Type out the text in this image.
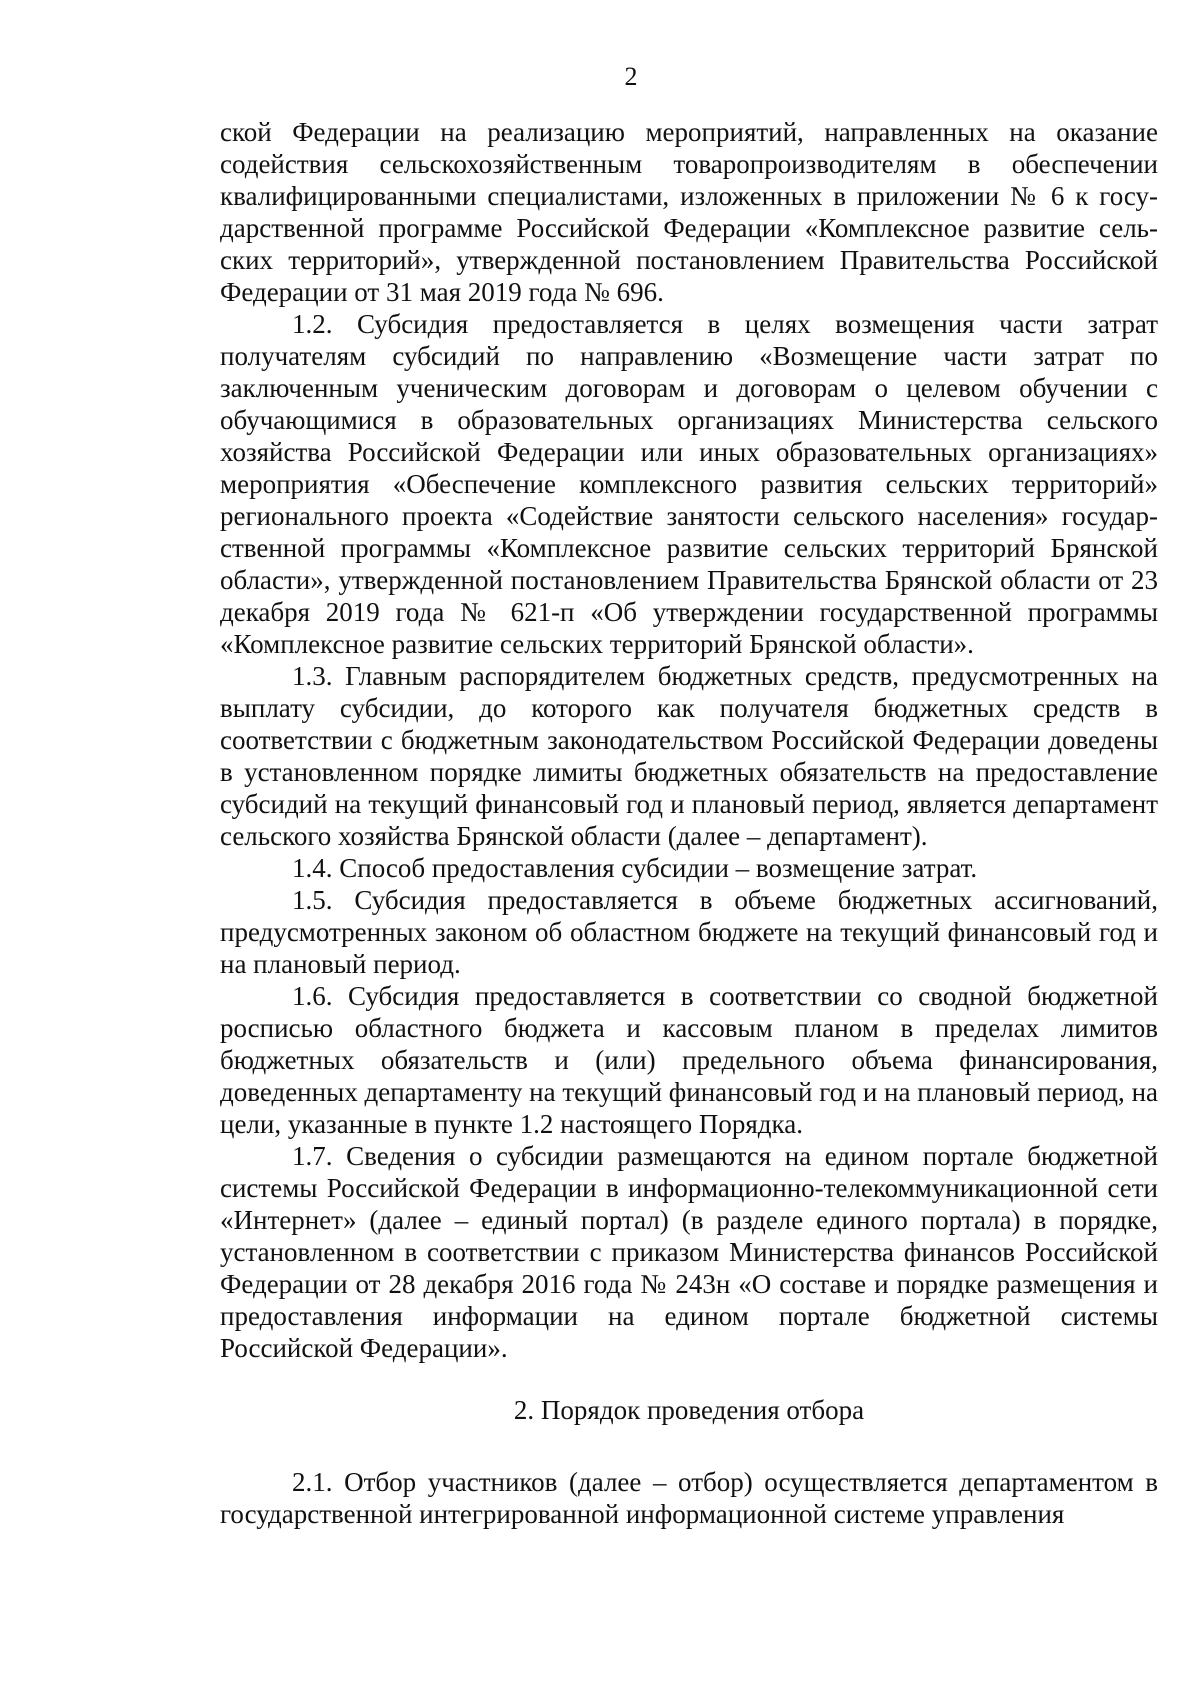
2

ской Федерации на реализацию мероприятий, направленных на оказание содействия сельскохозяйственным товаропроизводителям в обеспечении квалифицированными специалистами, изложенных в приложении № 6 к государственной программе Российской Федерации «Комплексное развитие сельских территорий», утвержденной постановлением Правительства Российской Федерации от 31 мая 2019 года № 696.

1.2. Субсидия предоставляется в целях возмещения части затрат получателям субсидий по направлению «Возмещение части затрат по заключенным ученическим договорам и договорам о целевом обучении с обучающимися в образовательных организациях Министерства сельского хозяйства Российской Федерации или иных образовательных организациях» мероприятия «Обеспечение комплексного развития сельских территорий» регионального проекта «Содействие занятости сельского населения» государственной программы «Комплексное развитие сельских территорий Брянской области», утвержденной постановлением Правительства Брянской области от 23 декабря 2019 года № 621-п «Об утверждении государственной программы «Комплексное развитие сельских территорий Брянской области».

1.3. Главным распорядителем бюджетных средств, предусмотренных на выплату субсидии, до которого как получателя бюджетных средств в соответствии с бюджетным законодательством Российской Федерации доведены в установленном порядке лимиты бюджетных обязательств на предоставление субсидий на текущий финансовый год и плановый период, является департамент сельского хозяйства Брянской области (далее – департамент).

1.4. Способ предоставления субсидии – возмещение затрат.

1.5. Субсидия предоставляется в объеме бюджетных ассигнований, предусмотренных законом об областном бюджете на текущий финансовый год и на плановый период.

1.6. Субсидия предоставляется в соответствии со сводной бюджетной росписью областного бюджета и кассовым планом в пределах лимитов бюджетных обязательств и (или) предельного объема финансирования, доведенных департаменту на текущий финансовый год и на плановый период, на цели, указанные в пункте 1.2 настоящего Порядка.

1.7. Сведения о субсидии размещаются на едином портале бюджетной системы Российской Федерации в информационно-телекоммуникационной сети «Интернет» (далее – единый портал) (в разделе единого портала) в порядке, установленном в соответствии с приказом Министерства финансов Российской Федерации от 28 декабря 2016 года № 243н «О составе и порядке размещения и предоставления информации на едином портале бюджетной системы Российской Федерации».

2. Порядок проведения отбора

2.1. Отбор участников (далее – отбор) осуществляется департаментом в государственной интегрированной информационной системе управления
